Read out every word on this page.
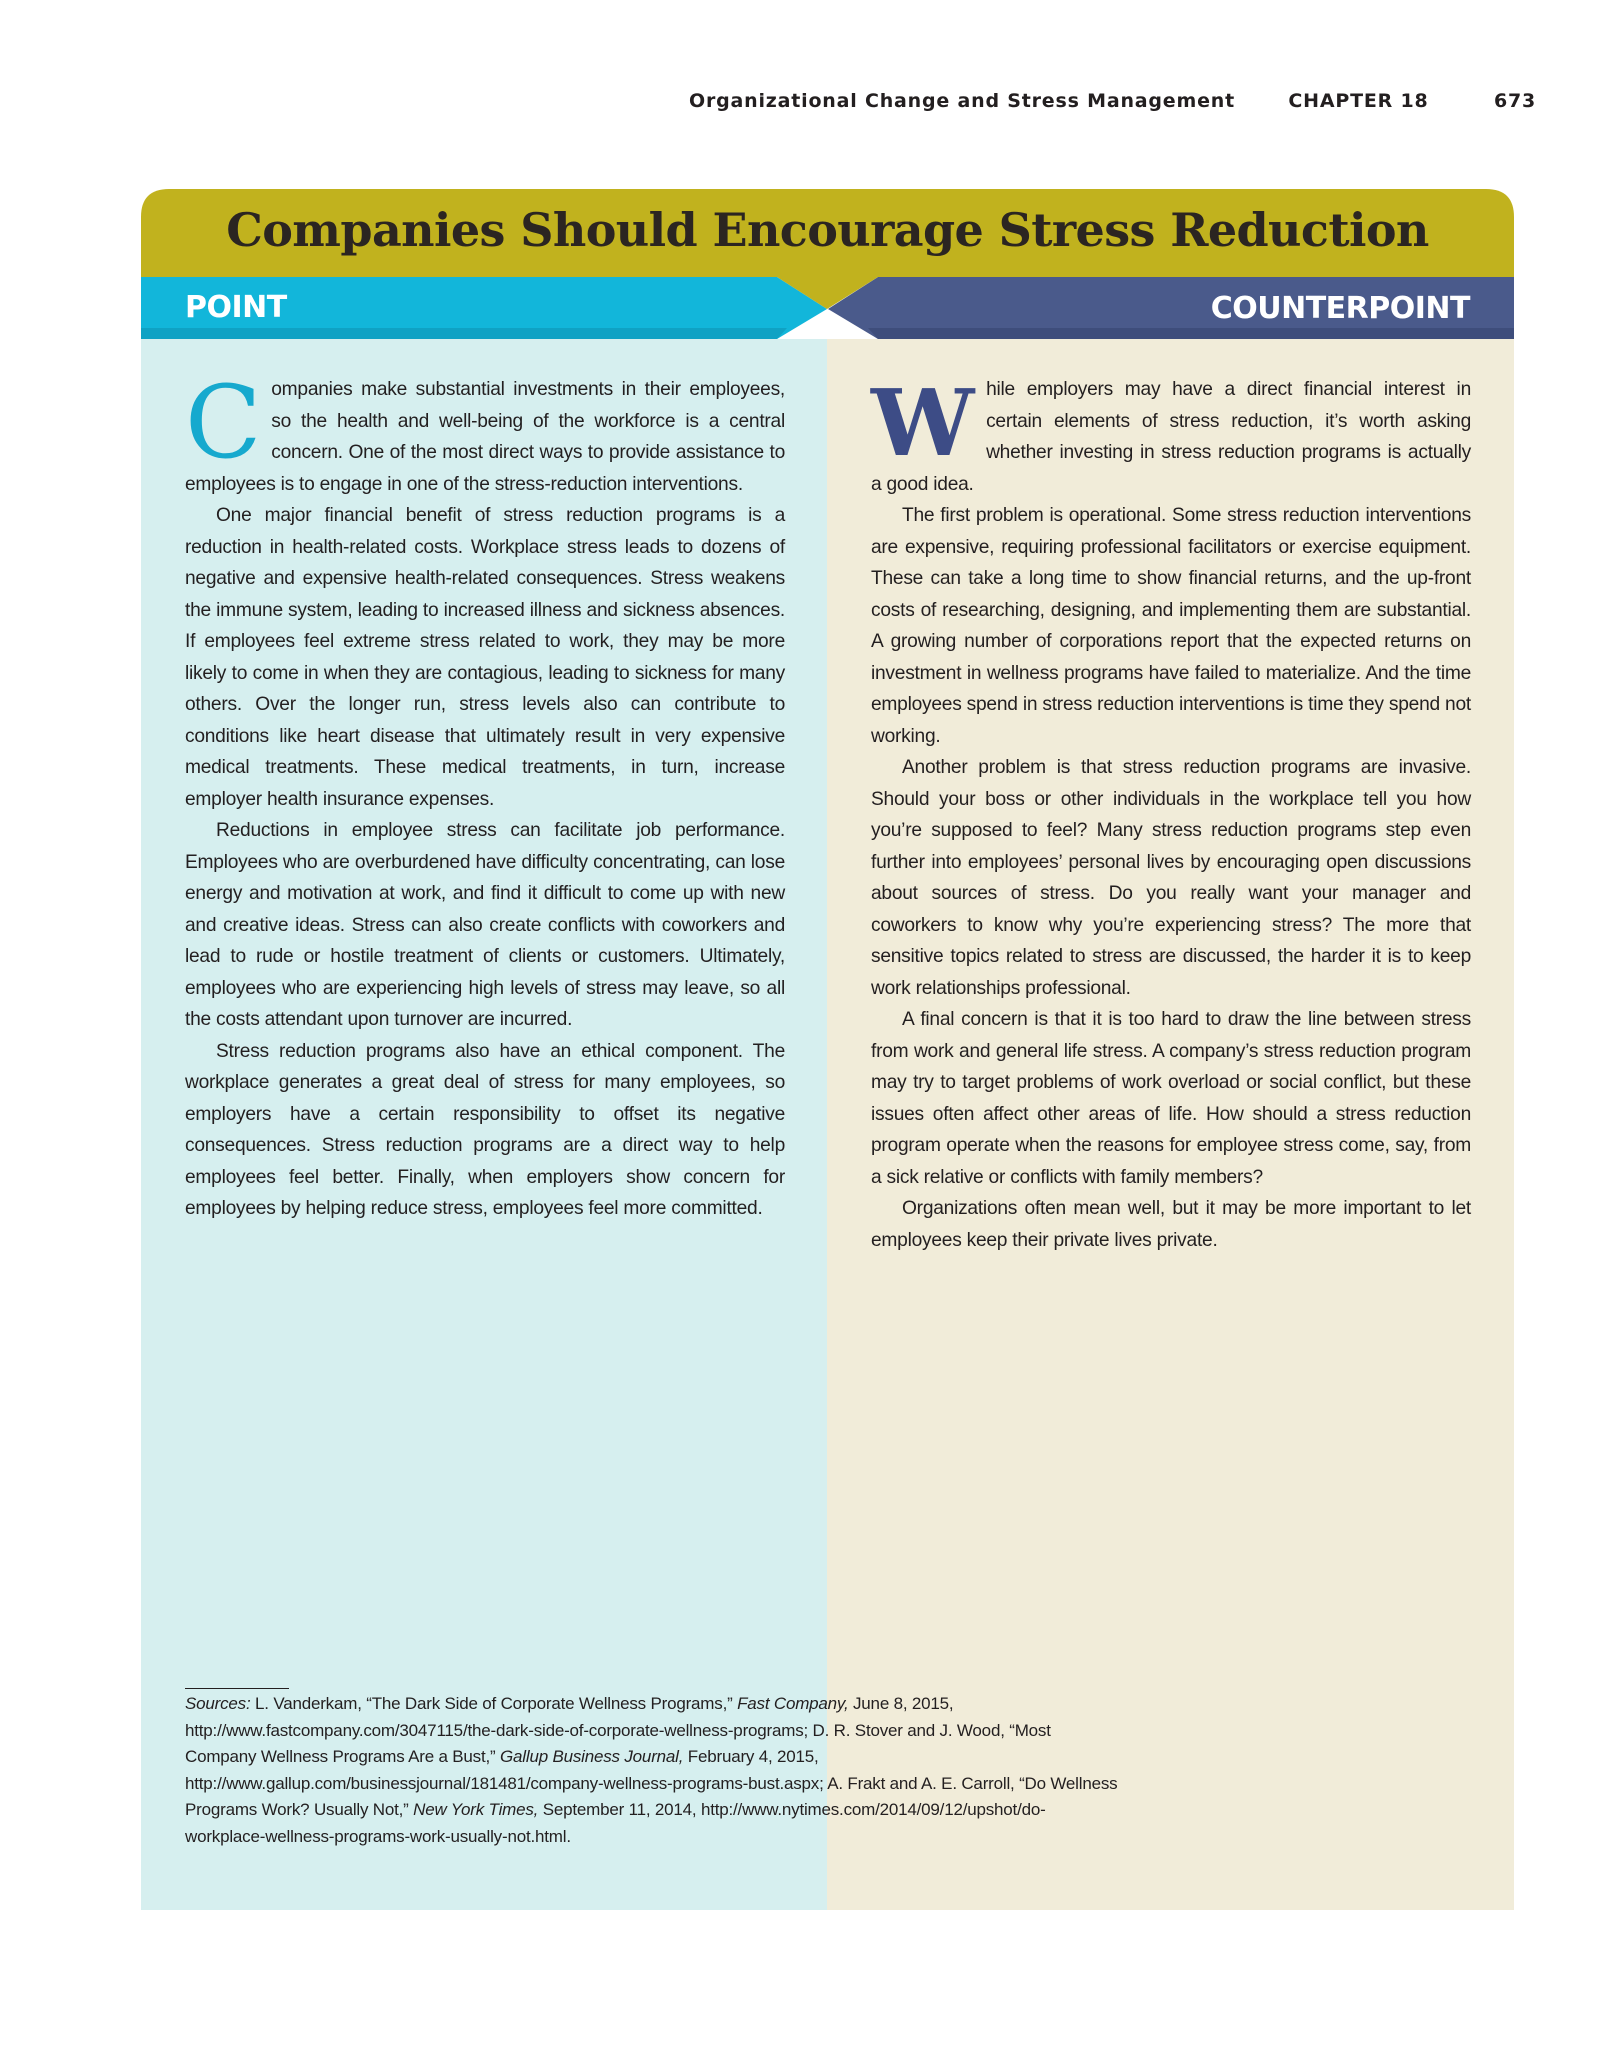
Organizational Change and Stress Management	CHAPTER 18	673
Companies Should Encourage Stress Reduction
POINT	COUNTERPOINT

Companies make substantial investments in their employees, so the health and well-being of the workforce is a central concern. One of the most direct ways to provide assistance to employees is to engage in one of the stress-reduction interventions.

One major financial benefit of stress reduction programs is a reduction in health-related costs. Workplace stress leads to dozens of negative and expensive health-related consequences. Stress weakens the immune system, leading to increased illness and sickness absences. If employees feel extreme stress related to work, they may be more likely to come in when they are contagious, leading to sickness for many others. Over the longer run, stress levels also can contribute to conditions like heart disease that ultimately result in very expensive medical treatments. These medical treatments, in turn, increase employer health insurance expenses.

Reductions in employee stress can facilitate job performance. Employees who are overburdened have difficulty concentrating, can lose energy and motivation at work, and find it difficult to come up with new and creative ideas. Stress can also create conflicts with coworkers and lead to rude or hostile treatment of clients or customers. Ultimately, employees who are experiencing high levels of stress may leave, so all the costs attendant upon turnover are incurred.

Stress reduction programs also have an ethical component. The workplace generates a great deal of stress for many employees, so employers have a certain responsibility to offset its negative consequences. Stress reduction programs are a direct way to help employees feel better. Finally, when employers show concern for employees by helping reduce stress, employees feel more committed.

While employers may have a direct financial interest in certain elements of stress reduction, it’s worth asking whether investing in stress reduction programs is actually a good idea.

The first problem is operational. Some stress reduction interventions are expensive, requiring professional facilitators or exercise equipment. These can take a long time to show financial returns, and the up-front costs of researching, designing, and implementing them are substantial. A growing number of corporations report that the expected returns on investment in wellness programs have failed to materialize. And the time employees spend in stress reduction interventions is time they spend not working.

Another problem is that stress reduction programs are invasive. Should your boss or other individuals in the workplace tell you how you’re supposed to feel? Many stress reduction programs step even further into employees’ personal lives by encouraging open discussions about sources of stress. Do you really want your manager and coworkers to know why you’re experiencing stress? The more that sensitive topics related to stress are discussed, the harder it is to keep work relationships professional.

A final concern is that it is too hard to draw the line between stress from work and general life stress. A company’s stress reduction program may try to target problems of work overload or social conflict, but these issues often affect other areas of life. How should a stress reduction program operate when the reasons for employee stress come, say, from a sick relative or conflicts with family members?

Organizations often mean well, but it may be more important to let employees keep their private lives private.

Sources: L. Vanderkam, “The Dark Side of Corporate Wellness Programs,” Fast Company, June 8, 2015, http://www.fastcompany.com/3047115/the-dark-side-of-corporate-wellness-programs; D. R. Stover and J. Wood, “Most Company Wellness Programs Are a Bust,” Gallup Business Journal, February 4, 2015, http://www.gallup.com/businessjournal/181481/company-wellness-programs-bust.aspx; A. Frakt and A. E. Carroll, “Do Wellness Programs Work? Usually Not,” New York Times, September 11, 2014, http://www.nytimes.com/2014/09/12/upshot/do-workplace-wellness-programs-work-usually-not.html.
